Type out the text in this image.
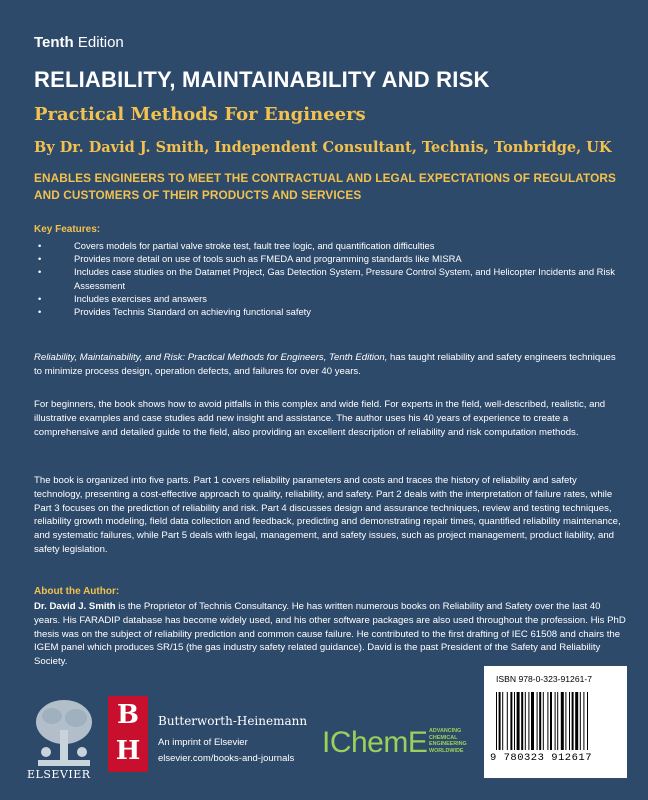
Tenth Edition
RELIABILITY, MAINTAINABILITY AND RISK
Practical Methods For Engineers
By Dr. David J. Smith, Independent Consultant, Technis, Tonbridge, UK
ENABLES ENGINEERS TO MEET THE CONTRACTUAL AND LEGAL EXPECTATIONS OF REGULATORS AND CUSTOMERS OF THEIR PRODUCTS AND SERVICES
Key Features:
•	Covers models for partial valve stroke test, fault tree logic, and quantification difficulties
•	Provides more detail on use of tools such as FMEDA and programming standards like MISRA
•	Includes case studies on the Datamet Project, Gas Detection System, Pressure Control System, and Helicopter Incidents and Risk Assessment
•	Includes exercises and answers
•	Provides Technis Standard on achieving functional safety
Reliability, Maintainability, and Risk: Practical Methods for Engineers, Tenth Edition, has taught reliability and safety engineers techniques to minimize process design, operation defects, and failures for over 40 years.
For beginners, the book shows how to avoid pitfalls in this complex and wide field. For experts in the field, well-described, realistic, and illustrative examples and case studies add new insight and assistance. The author uses his 40 years of experience to create a comprehensive and detailed guide to the field, also providing an excellent description of reliability and risk computation methods.
The book is organized into five parts. Part 1 covers reliability parameters and costs and traces the history of reliability and safety technology, presenting a cost-effective approach to quality, reliability, and safety. Part 2 deals with the interpretation of failure rates, while Part 3 focuses on the prediction of reliability and risk. Part 4 discusses design and assurance techniques, review and testing techniques, reliability growth modeling, field data collection and feedback, predicting and demonstrating repair times, quantified reliability maintenance, and systematic failures, while Part 5 deals with legal, management, and safety issues, such as project management, product liability, and safety legislation.
About the Author:
Dr. David J. Smith is the Proprietor of Technis Consultancy. He has written numerous books on Reliability and Safety over the last 40 years. His FARADIP database has become widely used, and his other software packages are also used throughout the profession. His PhD thesis was on the subject of reliability prediction and common cause failure. He contributed to the first drafting of IEC 61508 and chairs the IGEM panel which produces SR/15 (the gas industry safety related guidance). David is the past President of the Safety and Reliability Society.
ELSEVIER
B
H
Butterworth-Heinemann
An imprint of Elsevier
elsevier.com/books-and-journals IChemE ADVANCING
CHEMICAL
ENGINEERING
WORLDWIDE
ISBN 978-0-323-91261-7
9 780323 912617
